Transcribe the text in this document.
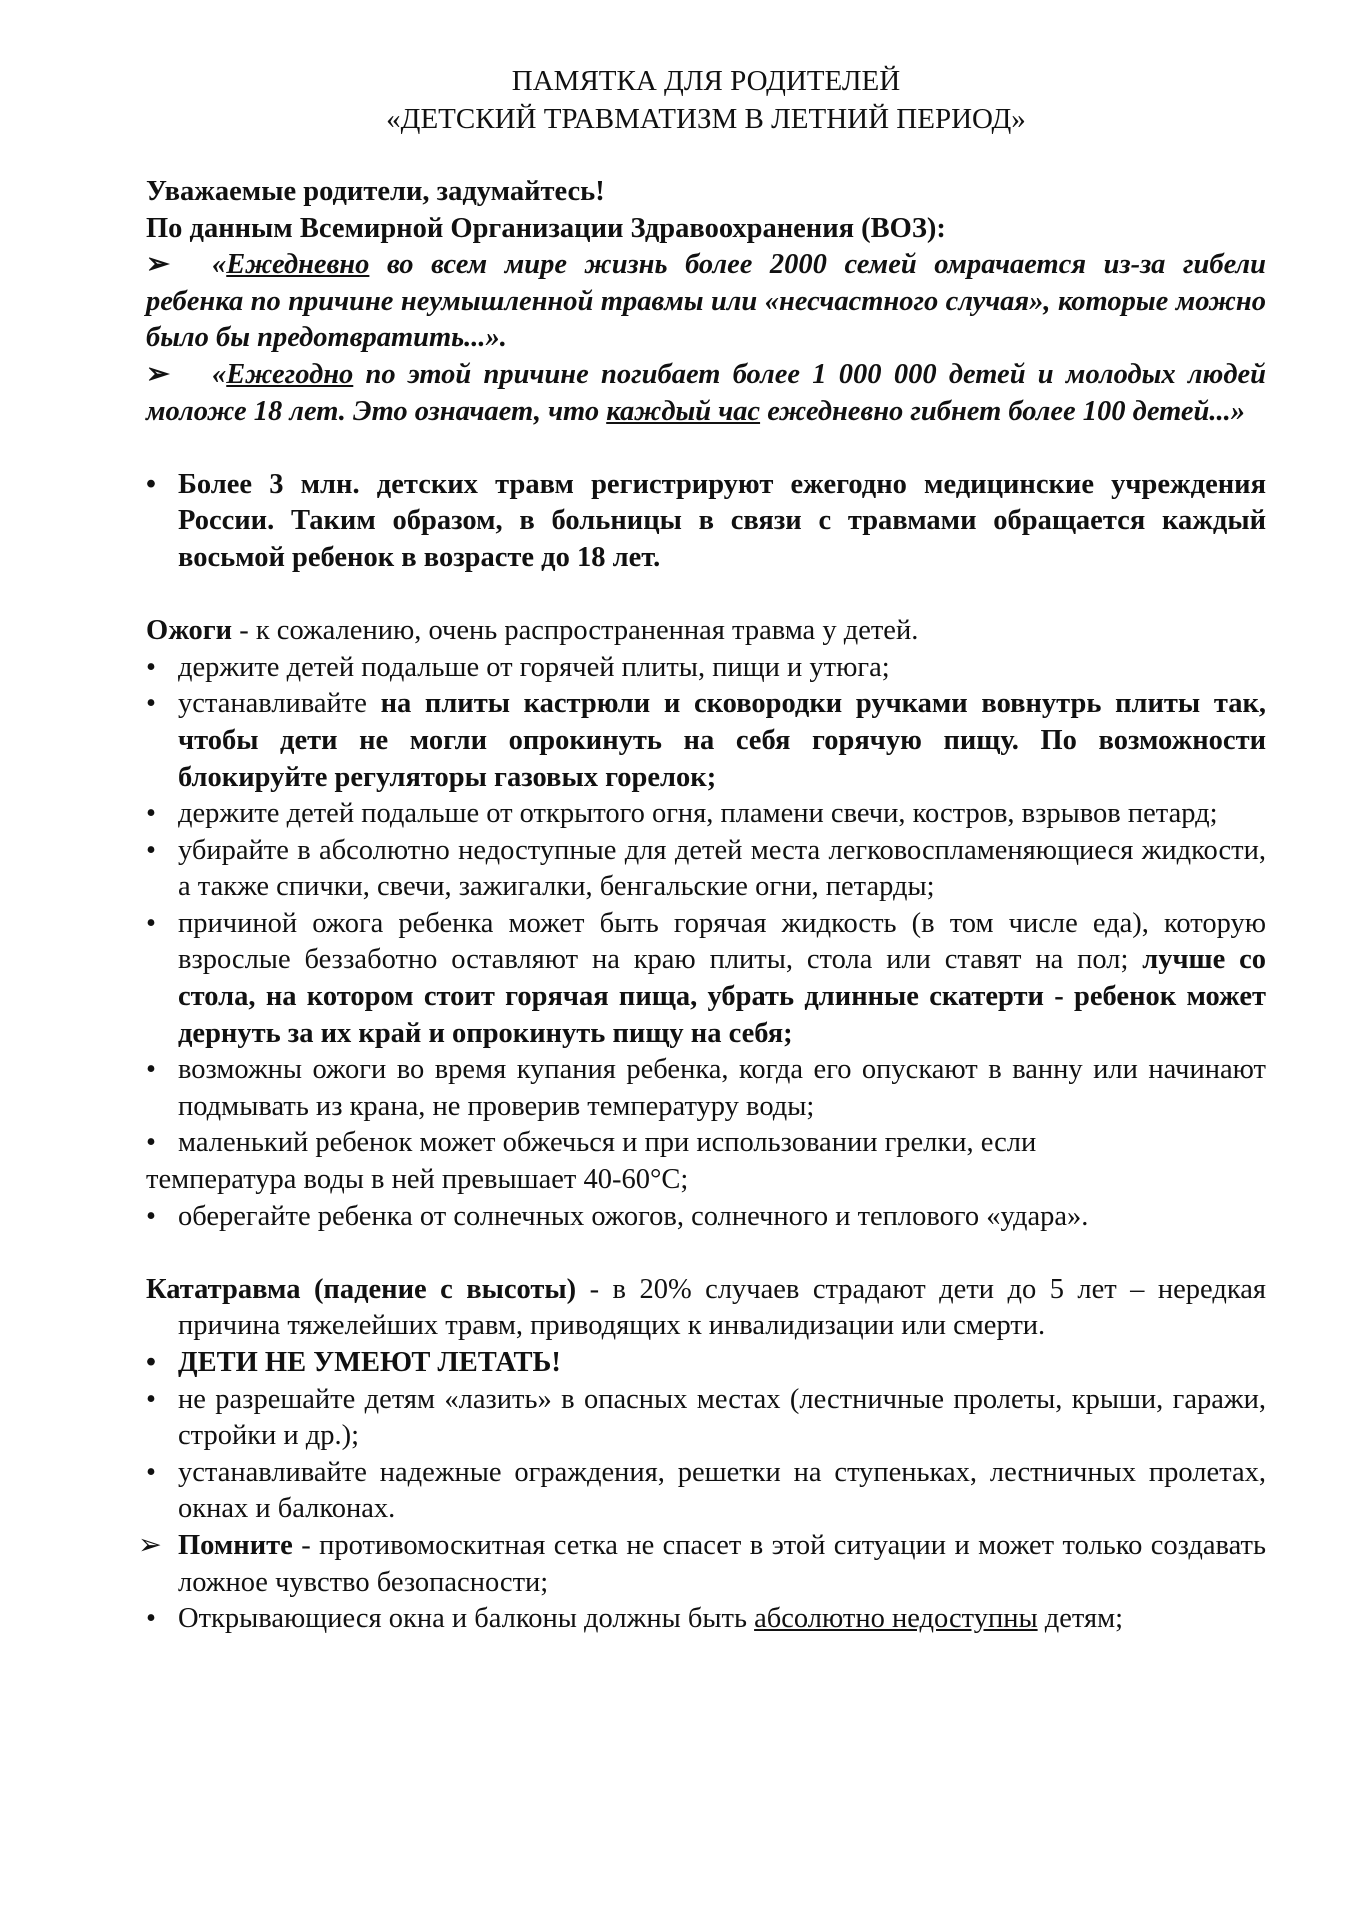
ПАМЯТКА ДЛЯ РОДИТЕЛЕЙ
«ДЕТСКИЙ ТРАВМАТИЗМ В ЛЕТНИЙ ПЕРИОД»

Уважаемые родители, задумайтесь!

По данным Всемирной Организации Здравоохранения (ВОЗ):

➢ «Ежедневно во всем мире жизнь более 2000 семей омрачается из-за гибели ребенка по причине неумышленной травмы или «несчастного случая», которые можно было бы предотвратить...».

➢ «Ежегодно по этой причине погибает более 1 000 000 детей и молодых людей моложе 18 лет. Это означает, что каждый час ежедневно гибнет более 100 детей...»

• Более 3 млн. детских травм регистрируют ежегодно медицинские учреждения России. Таким образом, в больницы в связи с травмами обращается каждый восьмой ребенок в возрасте до 18 лет.

Ожоги - к сожалению, очень распространенная травма у детей.

• держите детей подальше от горячей плиты, пищи и утюга;
• устанавливайте на плиты кастрюли и сковородки ручками вовнутрь плиты так, чтобы дети не могли опрокинуть на себя горячую пищу. По возможности блокируйте регуляторы газовых горелок;
• держите детей подальше от открытого огня, пламени свечи, костров, взрывов петард;
• убирайте в абсолютно недоступные для детей места легковоспламеняющиеся жидкости, а также спички, свечи, зажигалки, бенгальские огни, петарды;
• причиной ожога ребенка может быть горячая жидкость (в том числе еда), которую взрослые беззаботно оставляют на краю плиты, стола или ставят на пол; лучше со стола, на котором стоит горячая пища, убрать длинные скатерти - ребенок может дернуть за их край и опрокинуть пищу на себя;
• возможны ожоги во время купания ребенка, когда его опускают в ванну или начинают подмывать из крана, не проверив температуру воды;
• маленький ребенок может обжечься и при использовании грелки, если

температура воды в ней превышает 40-60°С;

• оберегайте ребенка от солнечных ожогов, солнечного и теплового «удара».

Кататравма (падение с высоты) - в 20% случаев страдают дети до 5 лет – нередкая причина тяжелейших травм, приводящих к инвалидизации или смерти.

• ДЕТИ НЕ УМЕЮТ ЛЕТАТЬ!
• не разрешайте детям «лазить» в опасных местах (лестничные пролеты, крыши, гаражи, стройки и др.);
• устанавливайте надежные ограждения, решетки на ступеньках, лестничных пролетах, окнах и балконах.
➢ Помните - противомоскитная сетка не спасет в этой ситуации и может только создавать ложное чувство безопасности;
• Открывающиеся окна и балконы должны быть абсолютно недоступны детям;
